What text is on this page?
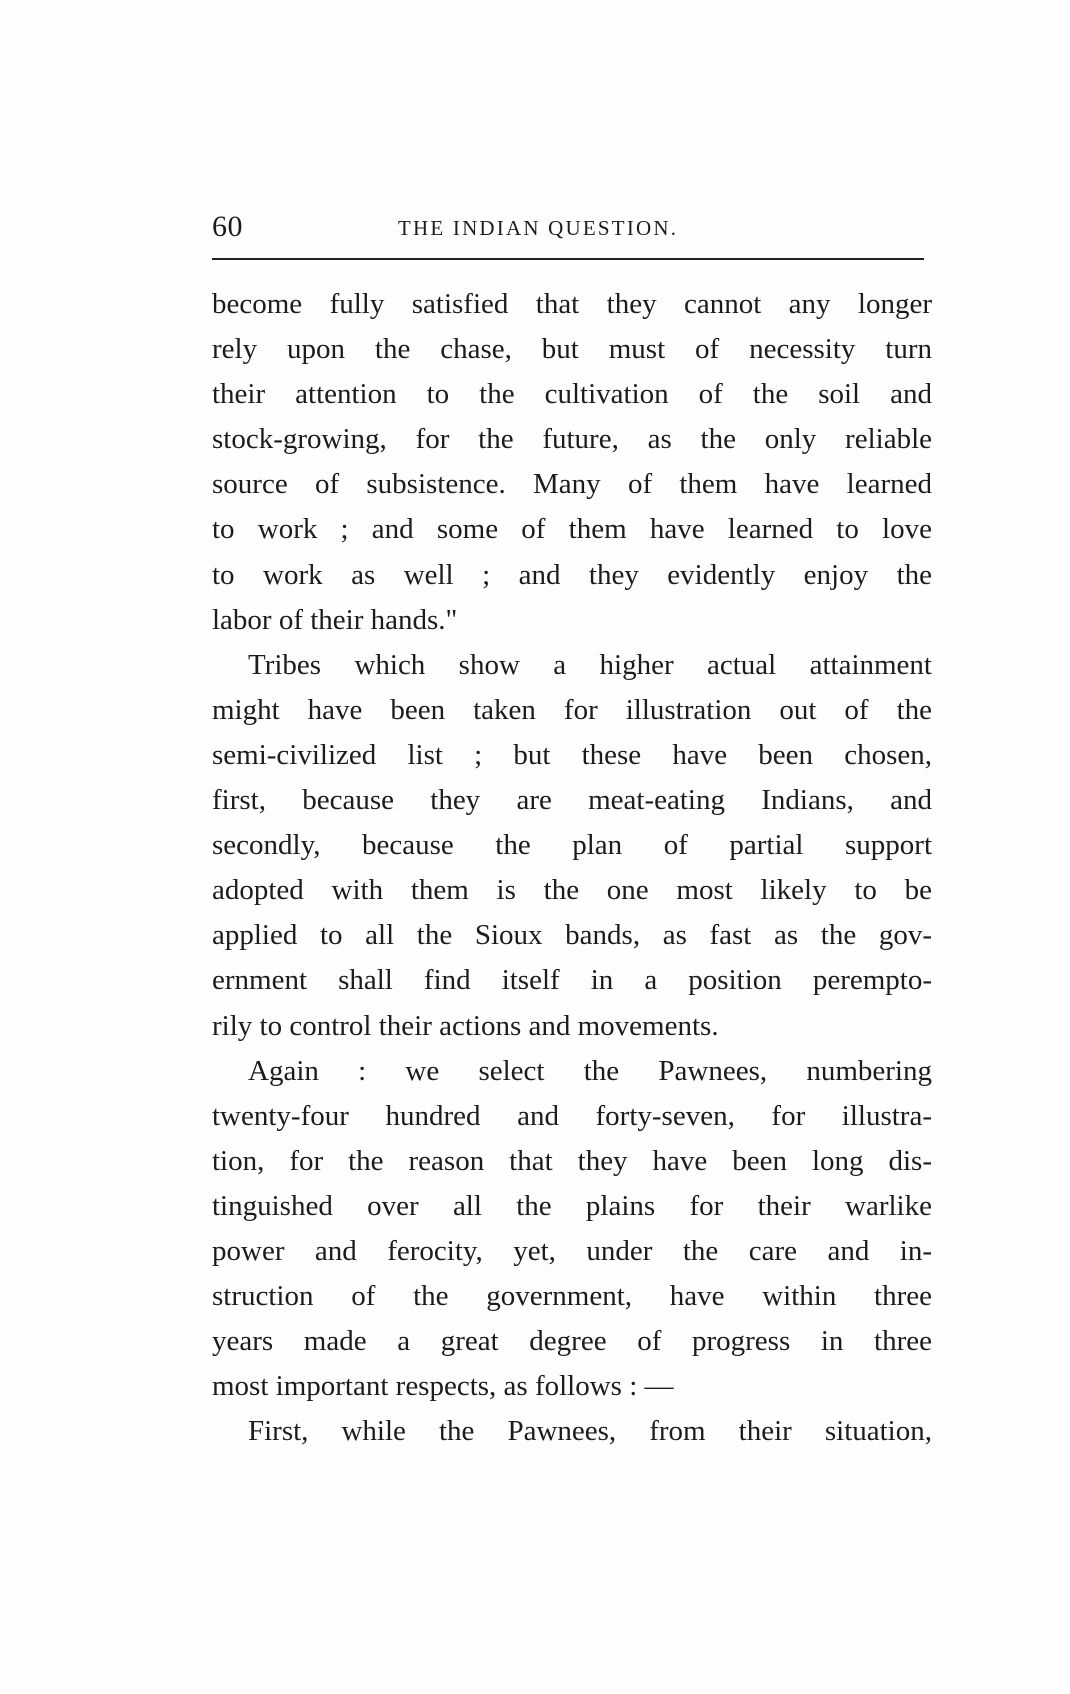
60	THE INDIAN QUESTION.
become fully satisfied that they cannot any longer
rely upon the chase, but must of necessity turn
their attention to the cultivation of the soil and
stock-growing, for the future, as the only reliable
source of subsistence. Many of them have learned
to work ; and some of them have learned to love
to work as well ; and they evidently enjoy the
labor of their hands."
Tribes which show a higher actual attainment
might have been taken for illustration out of the
semi-civilized list ; but these have been chosen,
first, because they are meat-eating Indians, and
secondly, because the plan of partial support
adopted with them is the one most likely to be
applied to all the Sioux bands, as fast as the gov-
ernment shall find itself in a position perempto-
rily to control their actions and movements.
Again : we select the Pawnees, numbering
twenty-four hundred and forty-seven, for illustra-
tion, for the reason that they have been long dis-
tinguished over all the plains for their warlike
power and ferocity, yet, under the care and in-
struction of the government, have within three
years made a great degree of progress in three
most important respects, as follows : —
First, while the Pawnees, from their situation,
